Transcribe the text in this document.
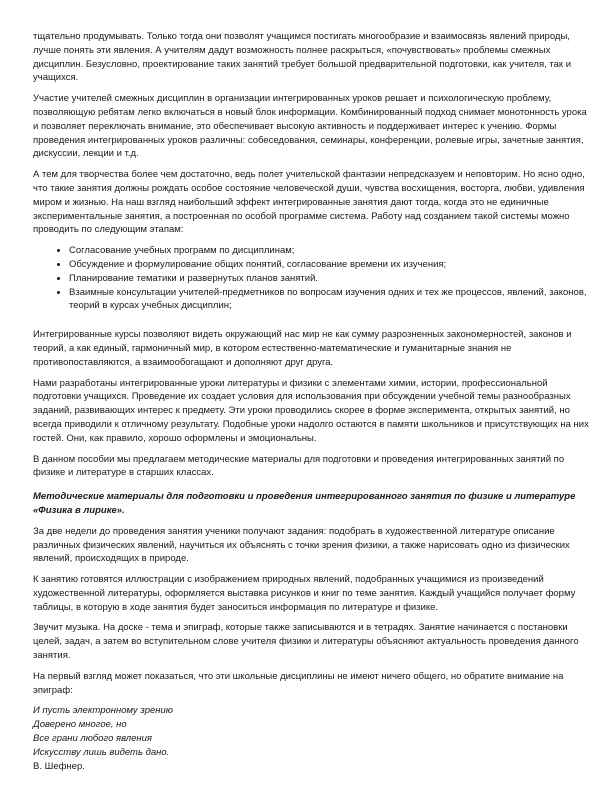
тщательно продумывать. Только тогда они позволят учащимся постигать многообразие и взаимосвязь явлений природы, лучше понять эти явления. А учителям дадут возможность полнее раскрыться, «почувствовать» проблемы смежных дисциплин. Безусловно, проектирование таких занятий требует большой предварительной подготовки, как учителя, так и учащихся.

Участие учителей смежных дисциплин в организации интегрированных уроков решает и психологическую проблему, позволяющую ребятам легко включаться в новый блок информации. Комбинированный подход снимает монотонность урока и позволяет переключать внимание, это обеспечивает высокую активность и поддерживает интерес к учению. Формы проведения интегрированных уроков различны: собеседования, семинары, конференции, ролевые игры, зачетные занятия, дискуссии, лекции и т.д.

А тем для творчества более чем достаточно, ведь полет учительской фантазии непредсказуем и неповторим. Но ясно одно, что такие занятия должны рождать особое состояние человеческой души, чувства восхищения, восторга, любви, удивления миром и жизнью. На наш взгляд наибольший эффект интегрированные занятия дают тогда, когда это не единичные экспериментальные занятия, а построенная по особой программе система. Работу над созданием такой системы можно проводить по следующим этапам:

• Согласование учебных программ по дисциплинам;
• Обсуждение и формулирование общих понятий, согласование времени их изучения;
• Планирование тематики и развернутых планов занятий.
• Взаимные консультации учителей-предметников по вопросам изучения одних и тех же процессов, явлений, законов, теорий в курсах учебных дисциплин;

Интегрированные курсы позволяют видеть окружающий нас мир не как сумму разрозненных закономерностей, законов и теорий, а как единый, гармоничный мир, в котором естественно-математические и гуманитарные знания не противопоставляются, а взаимообогащают и дополняют друг друга.

Нами разработаны интегрированные уроки литературы и физики с элементами химии, истории, профессиональной подготовки учащихся. Проведение их создает условия для использования при обсуждении учебной темы разнообразных заданий, развивающих интерес к предмету. Эти уроки проводились скорее в форме эксперимента, открытых занятий, но всегда приводили к отличному результату. Подобные уроки надолго остаются в памяти школьников и присутствующих на них гостей. Они, как правило, хорошо оформлены и эмоциональны.

В данном пособии мы предлагаем методические материалы для подготовки и проведения интегрированных занятий по физике и литературе в старших классах.

Методические материалы для подготовки и проведения интегрированного занятия по физике и литературе «Физика в лирике».

За две недели до проведения занятия ученики получают задания: подобрать в художественной литературе описание различных физических явлений, научиться их объяснять с точки зрения физики, а также нарисовать одно из физических явлений, происходящих в природе.

К занятию готовятся иллюстрации с изображением природных явлений, подобранных учащимися из произведений художественной литературы, оформляется выставка рисунков и книг по теме занятия. Каждый учащийся получает форму таблицы, в которую в ходе занятия будет заноситься информация по литературе и физике.

Звучит музыка. На доске - тема и эпиграф, которые также записываются и в тетрадях. Занятие начинается с постановки целей, задач, а затем во вступительном слове учителя физики и литературы объясняют актуальность проведения данного занятия.

На первый взгляд может показаться, что эти школьные дисциплины не имеют ничего общего, но обратите внимание на эпиграф:

И пусть электронному зрению
Доверено многое, но
Все грани любого явления
Искусству лишь видеть дано.
В. Шефнер.
